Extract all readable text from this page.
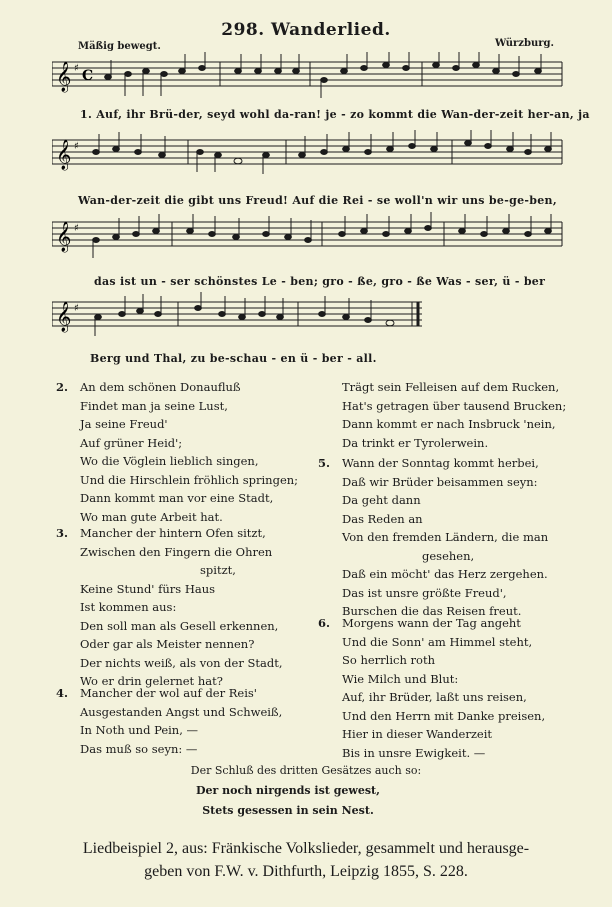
298. Wanderlied.
Mäßig bewegt.	Würzburg.
𝄞 ♯ C
1. Auf, ihr Brü-der, seyd wohl da-ran! je - zo kommt die Wan-der-zeit her-an, ja
𝄞 ♯
Wan-der-zeit die gibt uns Freud! Auf die Rei - se woll'n wir uns be-ge-ben,
𝄞 ♯
das ist un - ser schönstes Le - ben; gro - ße, gro - ße Was - ser, ü - ber
𝄞 ♯
Berg und Thal, zu be-schau - en ü - ber - all.
2. An dem schönen Donaufluß
Findet man ja seine Lust,
Ja seine Freud'
Auf grüner Heid';
Wo die Vöglein lieblich singen,
Und die Hirschlein fröhlich springen;
Dann kommt man vor eine Stadt,
Wo man gute Arbeit hat.
3. Mancher der hintern Ofen sitzt,
Zwischen den Fingern die Ohren
spitzt,
Keine Stund' fürs Haus
Ist kommen aus:
Den soll man als Gesell erkennen,
Oder gar als Meister nennen?
Der nichts weiß, als von der Stadt,
Wo er drin gelernet hat?
4. Mancher der wol auf der Reis'
Ausgestanden Angst und Schweiß,
In Noth und Pein, —
Das muß so seyn: —
Trägt sein Felleisen auf dem Rucken,
Hat's getragen über tausend Brucken;
Dann kommt er nach Insbruck 'nein,
Da trinkt er Tyrolerwein.
5. Wann der Sonntag kommt herbei,
Daß wir Brüder beisammen seyn:
Da geht dann
Das Reden an
Von den fremden Ländern, die man
gesehen,
Daß ein möcht' das Herz zergehen.
Das ist unsre größte Freud',
Burschen die das Reisen freut.
6. Morgens wann der Tag angeht
Und die Sonn' am Himmel steht,
So herrlich roth
Wie Milch und Blut:
Auf, ihr Brüder, laßt uns reisen,
Und den Herrn mit Danke preisen,
Hier in dieser Wanderzeit
Bis in unsre Ewigkeit. —
Der Schluß des dritten Gesätzes auch so:
Der noch nirgends ist gewest,
Stets gesessen in sein Nest.
Liedbeispiel 2, aus: Fränkische Volkslieder, gesammelt und herausge-
geben von F.W. v. Dithfurth, Leipzig 1855, S. 228.
